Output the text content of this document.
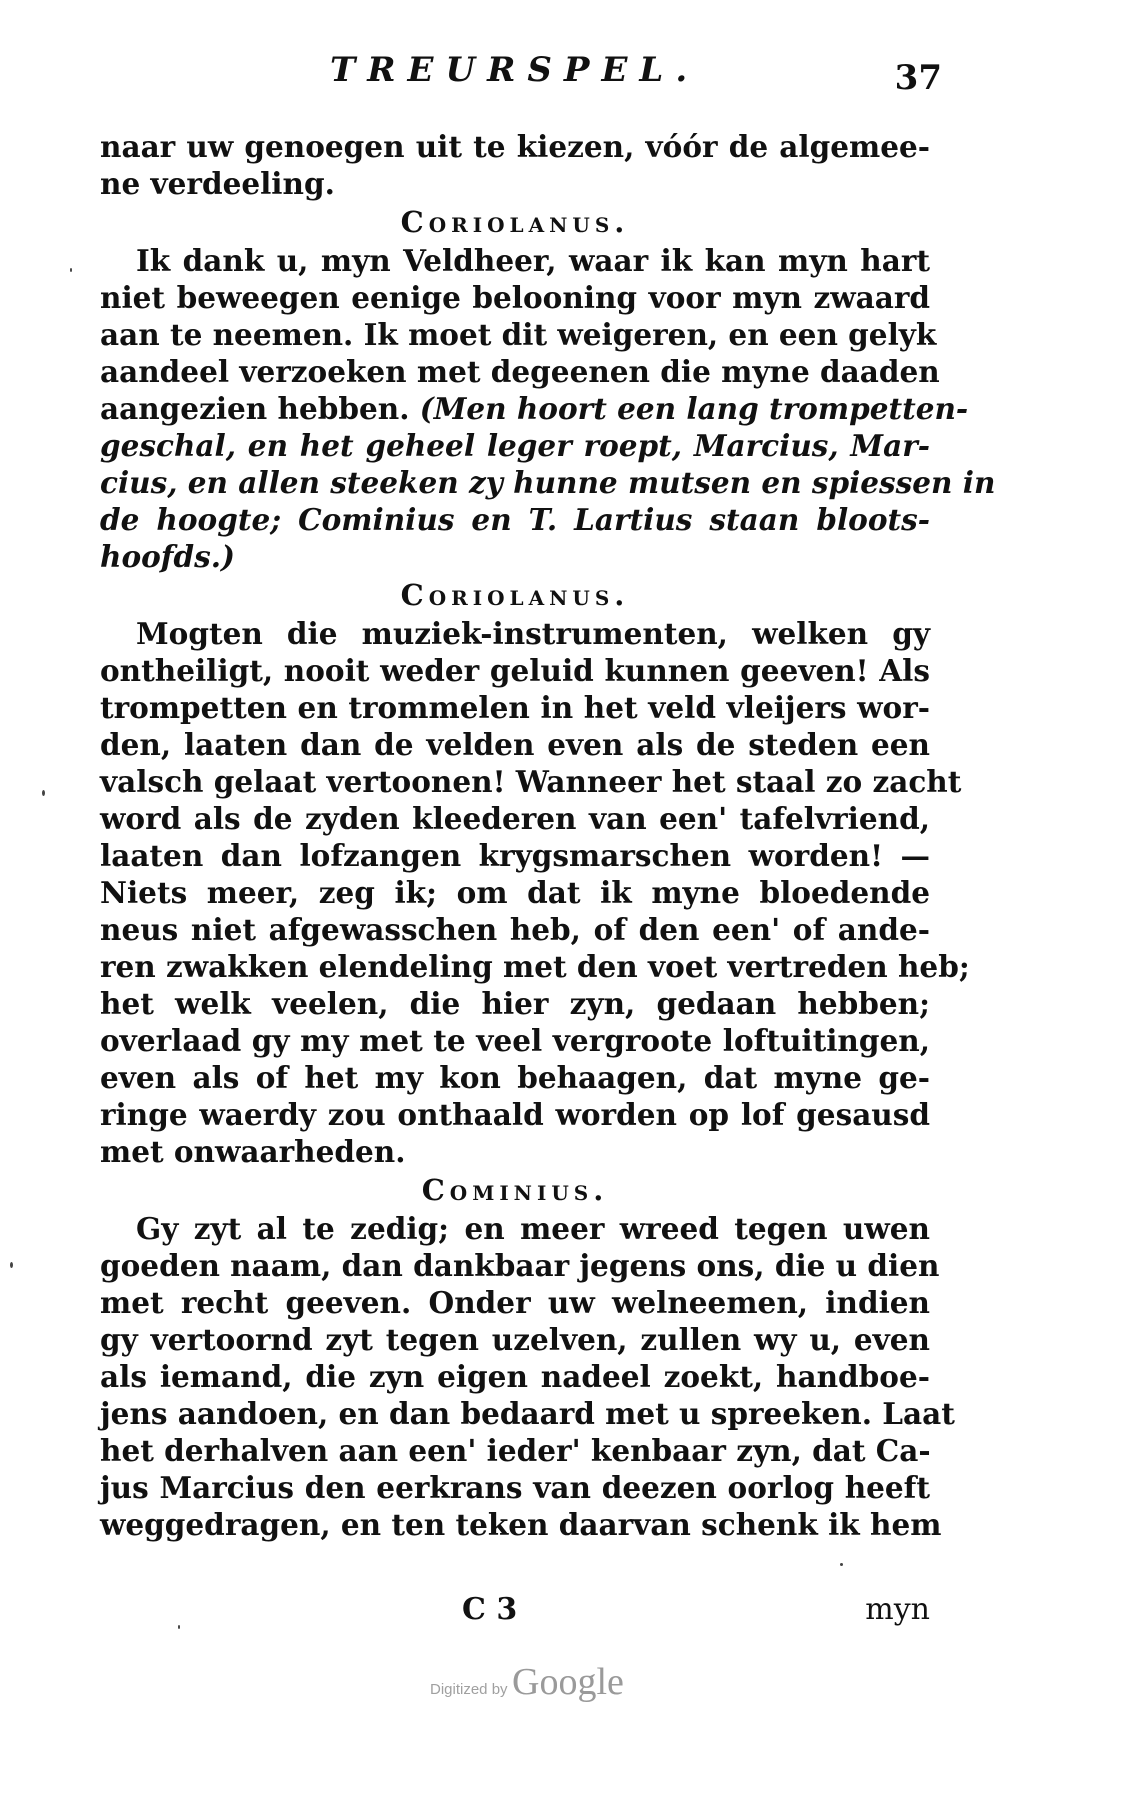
TREURSPEL.	37
naar uw genoegen uit te kiezen, vóór de algemee-
ne verdeeling.
Coriolanus.
Ik dank u, myn Veldheer, waar ik kan myn hart
niet beweegen eenige belooning voor myn zwaard
aan te neemen. Ik moet dit weigeren, en een gelyk
aandeel verzoeken met degeenen die myne daaden
aangezien hebben. (Men hoort een lang trompetten-
geschal, en het geheel leger roept, Marcius, Mar-
cius, en allen steeken zy hunne mutsen en spiessen in
de hoogte; Cominius en T. Lartius staan bloots-
hoofds.)
Coriolanus.
Mogten die muziek-instrumenten, welken gy
ontheiligt, nooit weder geluid kunnen geeven! Als
trompetten en trommelen in het veld vleijers wor-
den, laaten dan de velden even als de steden een
valsch gelaat vertoonen! Wanneer het staal zo zacht
word als de zyden kleederen van een' tafelvriend,
laaten dan lofzangen krygsmarschen worden! —
Niets meer, zeg ik; om dat ik myne bloedende
neus niet afgewasschen heb, of den een' of ande-
ren zwakken elendeling met den voet vertreden heb;
het welk veelen, die hier zyn, gedaan hebben;
overlaad gy my met te veel vergroote loftuitingen,
even als of het my kon behaagen, dat myne ge-
ringe waerdy zou onthaald worden op lof gesausd
met onwaarheden.
Cominius.
Gy zyt al te zedig; en meer wreed tegen uwen
goeden naam, dan dankbaar jegens ons, die u dien
met recht geeven. Onder uw welneemen, indien
gy vertoornd zyt tegen uzelven, zullen wy u, even
als iemand, die zyn eigen nadeel zoekt, handboe-
jens aandoen, en dan bedaard met u spreeken. Laat
het derhalven aan een' ieder' kenbaar zyn, dat Ca-
jus Marcius den eerkrans van deezen oorlog heeft
weggedragen, en ten teken daarvan schenk ik hem
C 3	myn
Digitized by Google
